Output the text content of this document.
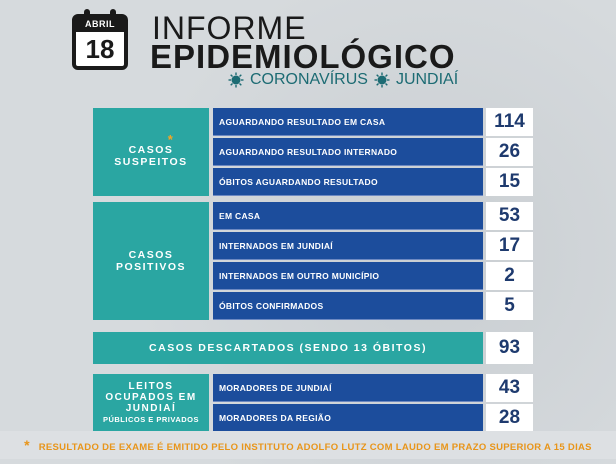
ABRIL
18
INFORME
EPIDEMIOLÓGICO
CORONAVÍRUS JUNDIAÍ
*
CASOS
SUSPEITOS
AGUARDANDO RESULTADO EM CASA	114
AGUARDANDO RESULTADO INTERNADO	26
ÓBITOS AGUARDANDO RESULTADO	15
CASOS
POSITIVOS
EM CASA	53
INTERNADOS EM JUNDIAÍ	17
INTERNADOS EM OUTRO MUNICÍPIO	2
ÓBITOS CONFIRMADOS	5
CASOS DESCARTADOS (SENDO 13 ÓBITOS)	93
LEITOS
OCUPADOS EM
JUNDIAÍ
PÚBLICOS E PRIVADOS
MORADORES DE JUNDIAÍ	43
MORADORES DA REGIÃO	28
* RESULTADO DE EXAME É EMITIDO PELO INSTITUTO ADOLFO LUTZ COM LAUDO EM PRAZO SUPERIOR A 15 DIAS
